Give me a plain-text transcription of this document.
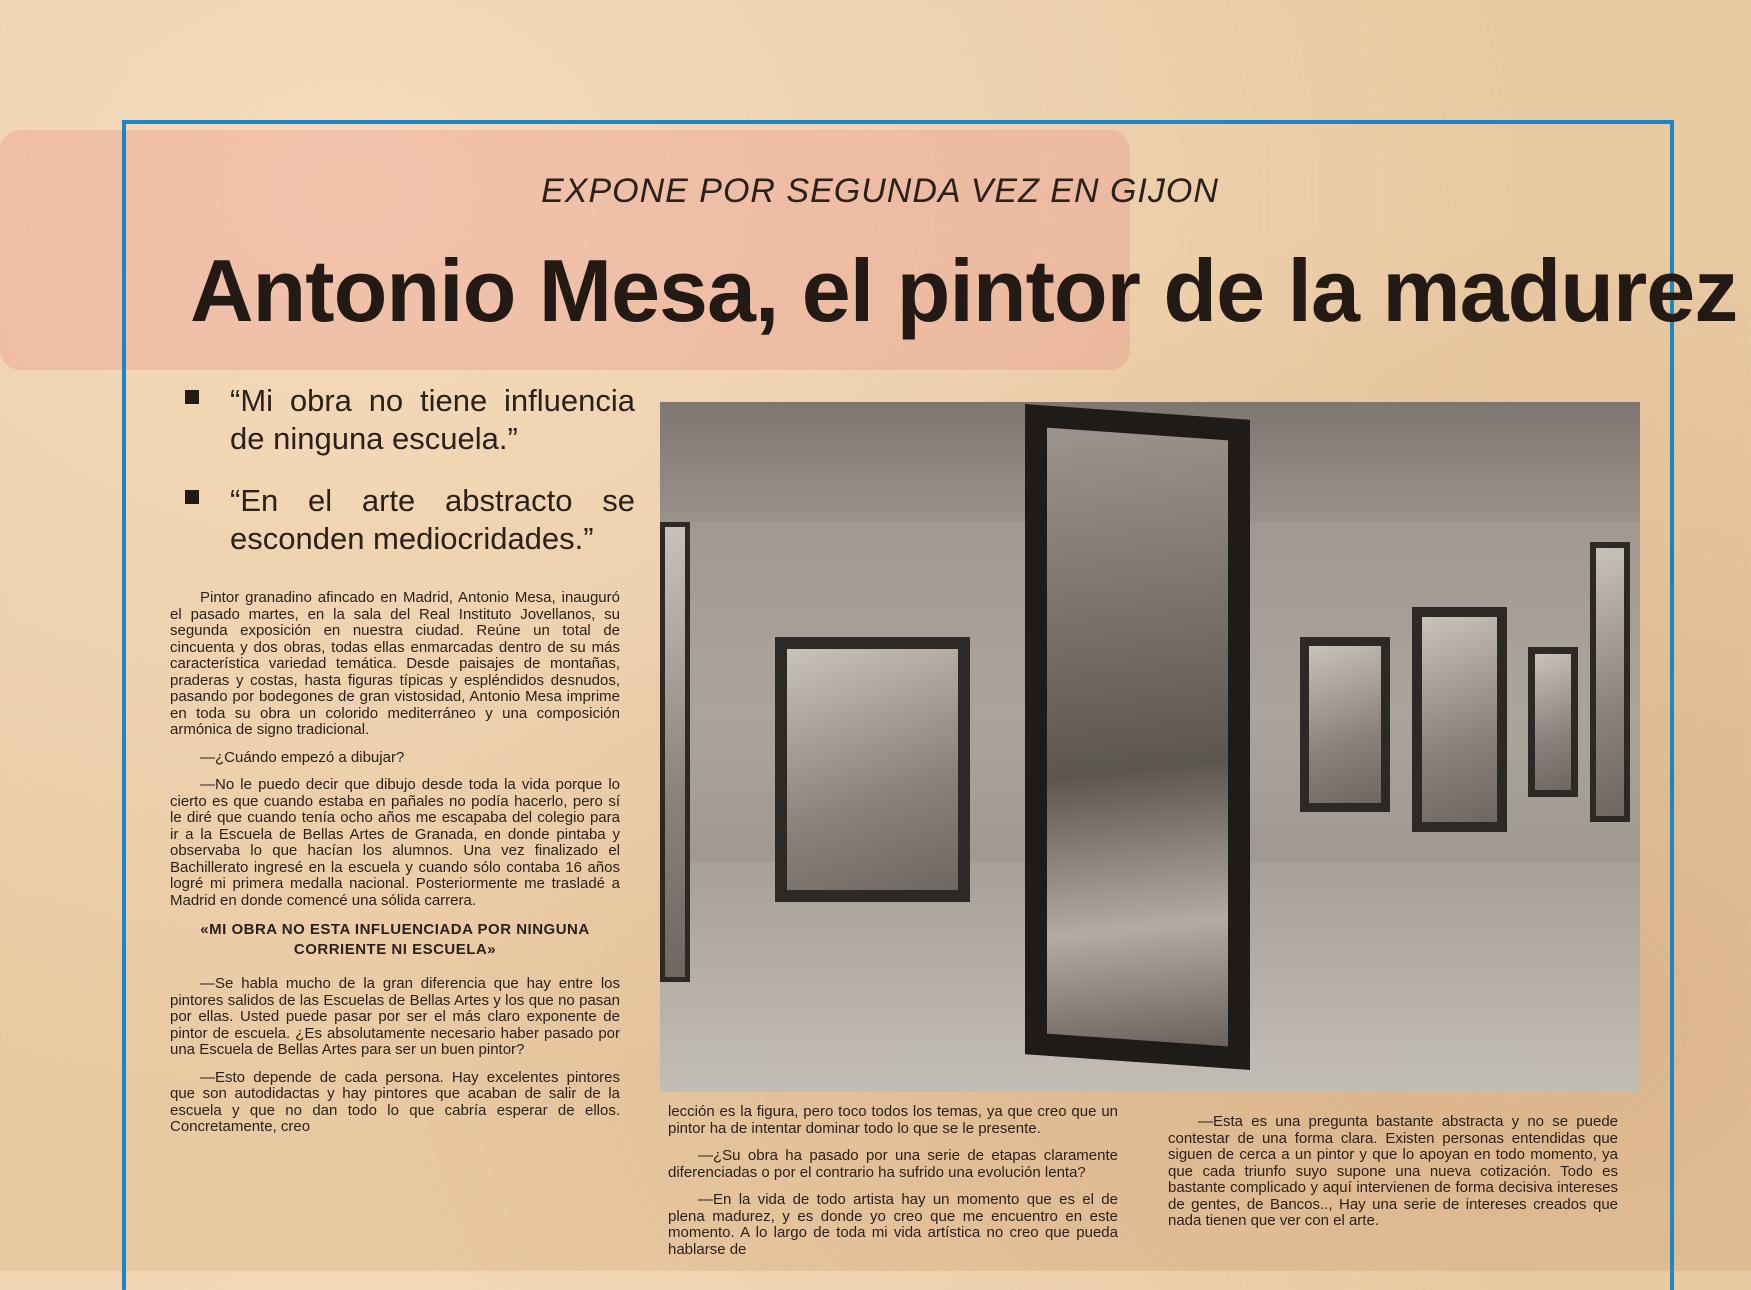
EXPONE POR SEGUNDA VEZ EN GIJON
Antonio Mesa, el pintor de la madurez
“Mi obra no tiene influencia de ninguna escuela.”
“En el arte abstracto se esconden mediocridades.”

Pintor granadino afincado en Madrid, Antonio Mesa, inauguró el pasado martes, en la sala del Real Instituto Jovellanos, su segunda exposición en nuestra ciudad. Reúne un total de cincuenta y dos obras, todas ellas enmarcadas dentro de su más característica variedad temática. Desde paisajes de montañas, praderas y costas, hasta figuras típicas y espléndidos desnudos, pasando por bodegones de gran vistosidad, Antonio Mesa imprime en toda su obra un colorido mediterráneo y una composición armónica de signo tradicional.

—¿Cuándo empezó a dibujar?

—No le puedo decir que dibujo desde toda la vida porque lo cierto es que cuando estaba en pañales no podía hacerlo, pero sí le diré que cuando tenía ocho años me escapaba del colegio para ir a la Escuela de Bellas Artes de Granada, en donde pintaba y observaba lo que hacían los alumnos. Una vez finalizado el Bachillerato ingresé en la escuela y cuando sólo contaba 16 años logré mi primera medalla nacional. Posteriormente me trasladé a Madrid en donde comencé una sólida carrera.

«MI OBRA NO ESTA INFLUENCIADA POR NINGUNA CORRIENTE NI ESCUELA»

—Se habla mucho de la gran diferencia que hay entre los pintores salidos de las Escuelas de Bellas Artes y los que no pasan por ellas. Usted puede pasar por ser el más claro exponente de pintor de escuela. ¿Es absolutamente necesario haber pasado por una Escuela de Bellas Artes para ser un buen pintor?

—Esto depende de cada persona. Hay excelentes pintores que son autodidactas y hay pintores que acaban de salir de la escuela y que no dan todo lo que cabría esperar de ellos. Concretamente, creo

lección es la figura, pero toco todos los temas, ya que creo que un pintor ha de intentar dominar todo lo que se le presente.

—¿Su obra ha pasado por una serie de etapas claramente diferenciadas o por el contrario ha sufrido una evolución lenta?

—En la vida de todo artista hay un momento que es el de plena madurez, y es donde yo creo que me encuentro en este momento. A lo largo de toda mi vida artística no creo que pueda hablarse de

—Esta es una pregunta bastante abstracta y no se puede contestar de una forma clara. Existen personas entendidas que siguen de cerca a un pintor y que lo apoyan en todo momento, ya que cada triunfo suyo supone una nueva cotización. Todo es bastante complicado y aquí intervienen de forma decisiva intereses de gentes, de Bancos.., Hay una serie de intereses creados que nada tienen que ver con el arte.
